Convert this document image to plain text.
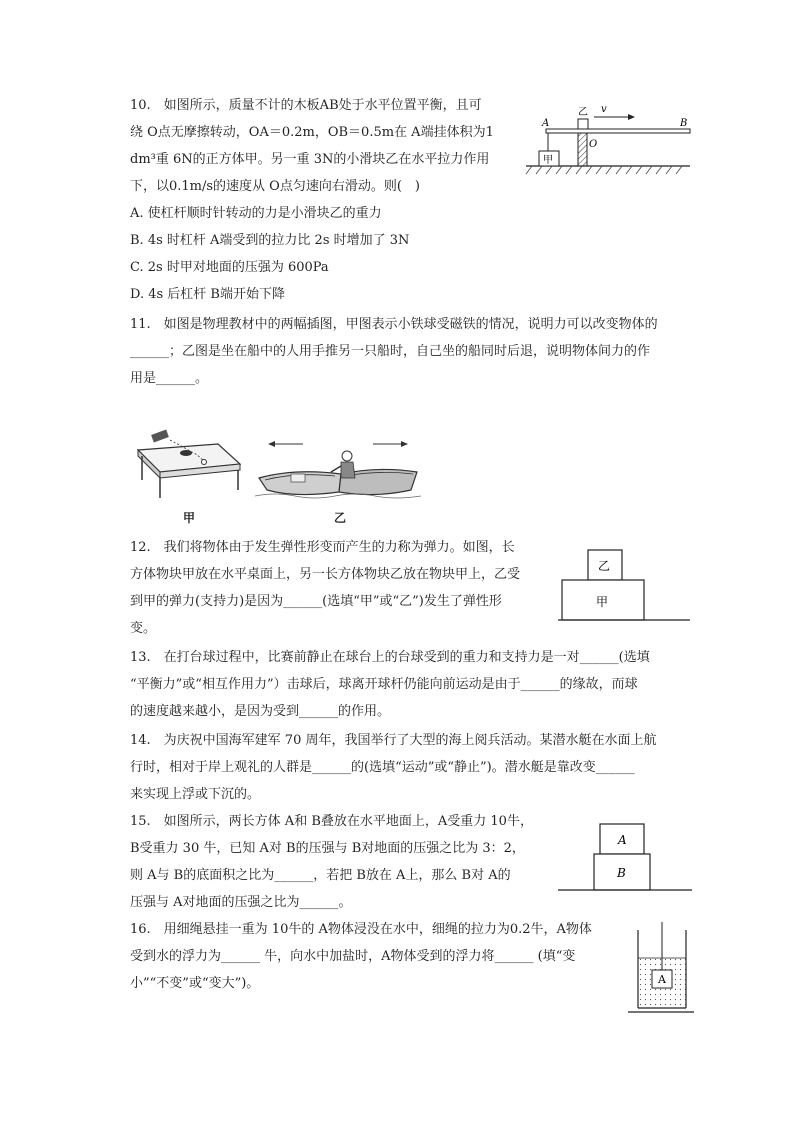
10.　如图所示，质量不计的木板AB处于水平位置平衡，且可
绕 O点无摩擦转动，OA＝0.2m，OB＝0.5m在 A端挂体积为1
dm³重 6N的正方体甲。另一重 3N的小滑块乙在水平拉力作用
下，以0.1m/s的速度从 O点匀速向右滑动。则(　)
A. 使杠杆顺时针转动的力是小滑块乙的重力
B. 4s 时杠杆 A端受到的拉力比 2s 时增加了 3N
C. 2s 时甲对地面的压强为 600Pa
D. 4s 后杠杆 B端开始下降
A	B
O
乙 v
甲
11.　如图是物理教材中的两幅插图，甲图表示小铁球受磁铁的情况，说明力可以改变物体的
______；乙图是坐在船中的人用手推另一只船时，自己坐的船同时后退，说明物体间力的作
用是______。
甲	乙
12.　我们将物体由于发生弹性形变而产生的力称为弹力。如图，长
方体物块甲放在水平桌面上，另一长方体物块乙放在物块甲上，乙受
到甲的弹力(支持力)是因为______(选填“甲”或“乙”)发生了弹性形
变。
乙
甲
13.　在打台球过程中，比赛前静止在球台上的台球受到的重力和支持力是一对______(选填
“平衡力”或“相互作用力”）击球后，球离开球杆仍能向前运动是由于______的缘故，而球
的速度越来越小，是因为受到______的作用。
14.　为庆祝中国海军建军 70 周年，我国举行了大型的海上阅兵活动。某潜水艇在水面上航
行时，相对于岸上观礼的人群是______的(选填“运动”或“静止”)。潜水艇是靠改变______
来实现上浮或下沉的。
15.　如图所示，两长方体 A和 B叠放在水平地面上，A受重力 10牛，
B受重力 30 牛，已知 A对 B的压强与 B对地面的压强之比为 3：2，
则 A与 B的底面积之比为______，若把 B放在 A上，那么 B对 A的
压强与 A对地面的压强之比为______。
A
B
16.　用细绳悬挂一重为 10牛的 A物体浸没在水中，细绳的拉力为0.2牛，A物体
受到水的浮力为______ 牛，向水中加盐时，A物体受到的浮力将______ (填“变
小”“不变”或“变大”)。	A
